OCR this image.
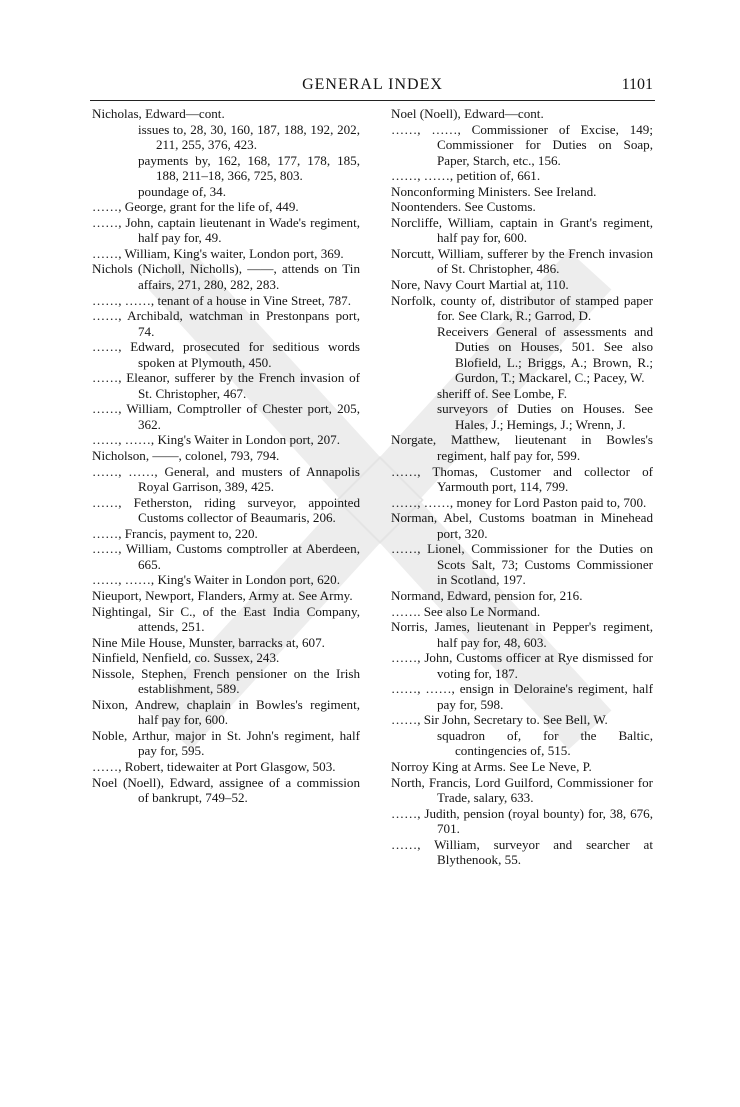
GENERAL INDEX	1101
Nicholas, Edward—cont.
issues to, 28, 30, 160, 187, 188, 192, 202, 211, 255, 376, 423.
payments by, 162, 168, 177, 178, 185, 188, 211–18, 366, 725, 803.
poundage of, 34.
……, George, grant for the life of, 449.
……, John, captain lieutenant in Wade's regiment, half pay for, 49.
……, William, King's waiter, London port, 369.
Nichols (Nicholl, Nicholls), ——, attends on Tin affairs, 271, 280, 282, 283.
……, ……, tenant of a house in Vine Street, 787.
……, Archibald, watchman in Prestonpans port, 74.
……, Edward, prosecuted for seditious words spoken at Plymouth, 450.
……, Eleanor, sufferer by the French invasion of St. Christopher, 467.
……, William, Comptroller of Chester port, 205, 362.
……, ……, King's Waiter in London port, 207.
Nicholson, ——, colonel, 793, 794.
……, ……, General, and musters of Annapolis Royal Garrison, 389, 425.
……, Fetherston, riding surveyor, appointed Customs collector of Beaumaris, 206.
……, Francis, payment to, 220.
……, William, Customs comptroller at Aberdeen, 665.
……, ……, King's Waiter in London port, 620.
Nieuport, Newport, Flanders, Army at. See Army.
Nightingal, Sir C., of the East India Company, attends, 251.
Nine Mile House, Munster, barracks at, 607.
Ninfield, Nenfield, co. Sussex, 243.
Nissole, Stephen, French pensioner on the Irish establishment, 589.
Nixon, Andrew, chaplain in Bowles's regiment, half pay for, 600.
Noble, Arthur, major in St. John's regiment, half pay for, 595.
……, Robert, tidewaiter at Port Glasgow, 503.
Noel (Noell), Edward, assignee of a commission of bankrupt, 749–52.
Noel (Noell), Edward—cont.
……, ……, Commissioner of Excise, 149; Commissioner for Duties on Soap, Paper, Starch, etc., 156.
……, ……, petition of, 661.
Nonconforming Ministers. See Ireland.
Noontenders. See Customs.
Norcliffe, William, captain in Grant's regiment, half pay for, 600.
Norcutt, William, sufferer by the French invasion of St. Christopher, 486.
Nore, Navy Court Martial at, 110.
Norfolk, county of, distributor of stamped paper for. See Clark, R.; Garrod, D.
Receivers General of assessments and Duties on Houses, 501. See also Blofield, L.; Briggs, A.; Brown, R.; Gurdon, T.; Mackarel, C.; Pacey, W.
sheriff of. See Lombe, F.
surveyors of Duties on Houses. See Hales, J.; Hemings, J.; Wrenn, J.
Norgate, Matthew, lieutenant in Bowles's regiment, half pay for, 599.
……, Thomas, Customer and collector of Yarmouth port, 114, 799.
……, ……, money for Lord Paston paid to, 700.
Norman, Abel, Customs boatman in Minehead port, 320.
……, Lionel, Commissioner for the Duties on Scots Salt, 73; Customs Commissioner in Scotland, 197.
Normand, Edward, pension for, 216.
……. See also Le Normand.
Norris, James, lieutenant in Pepper's regiment, half pay for, 48, 603.
……, John, Customs officer at Rye dismissed for voting for, 187.
……, ……, ensign in Deloraine's regiment, half pay for, 598.
……, Sir John, Secretary to. See Bell, W.
squadron of, for the Baltic, contingencies of, 515.
Norroy King at Arms. See Le Neve, P.
North, Francis, Lord Guilford, Commissioner for Trade, salary, 633.
……, Judith, pension (royal bounty) for, 38, 676, 701.
……, William, surveyor and searcher at Blythenook, 55.
